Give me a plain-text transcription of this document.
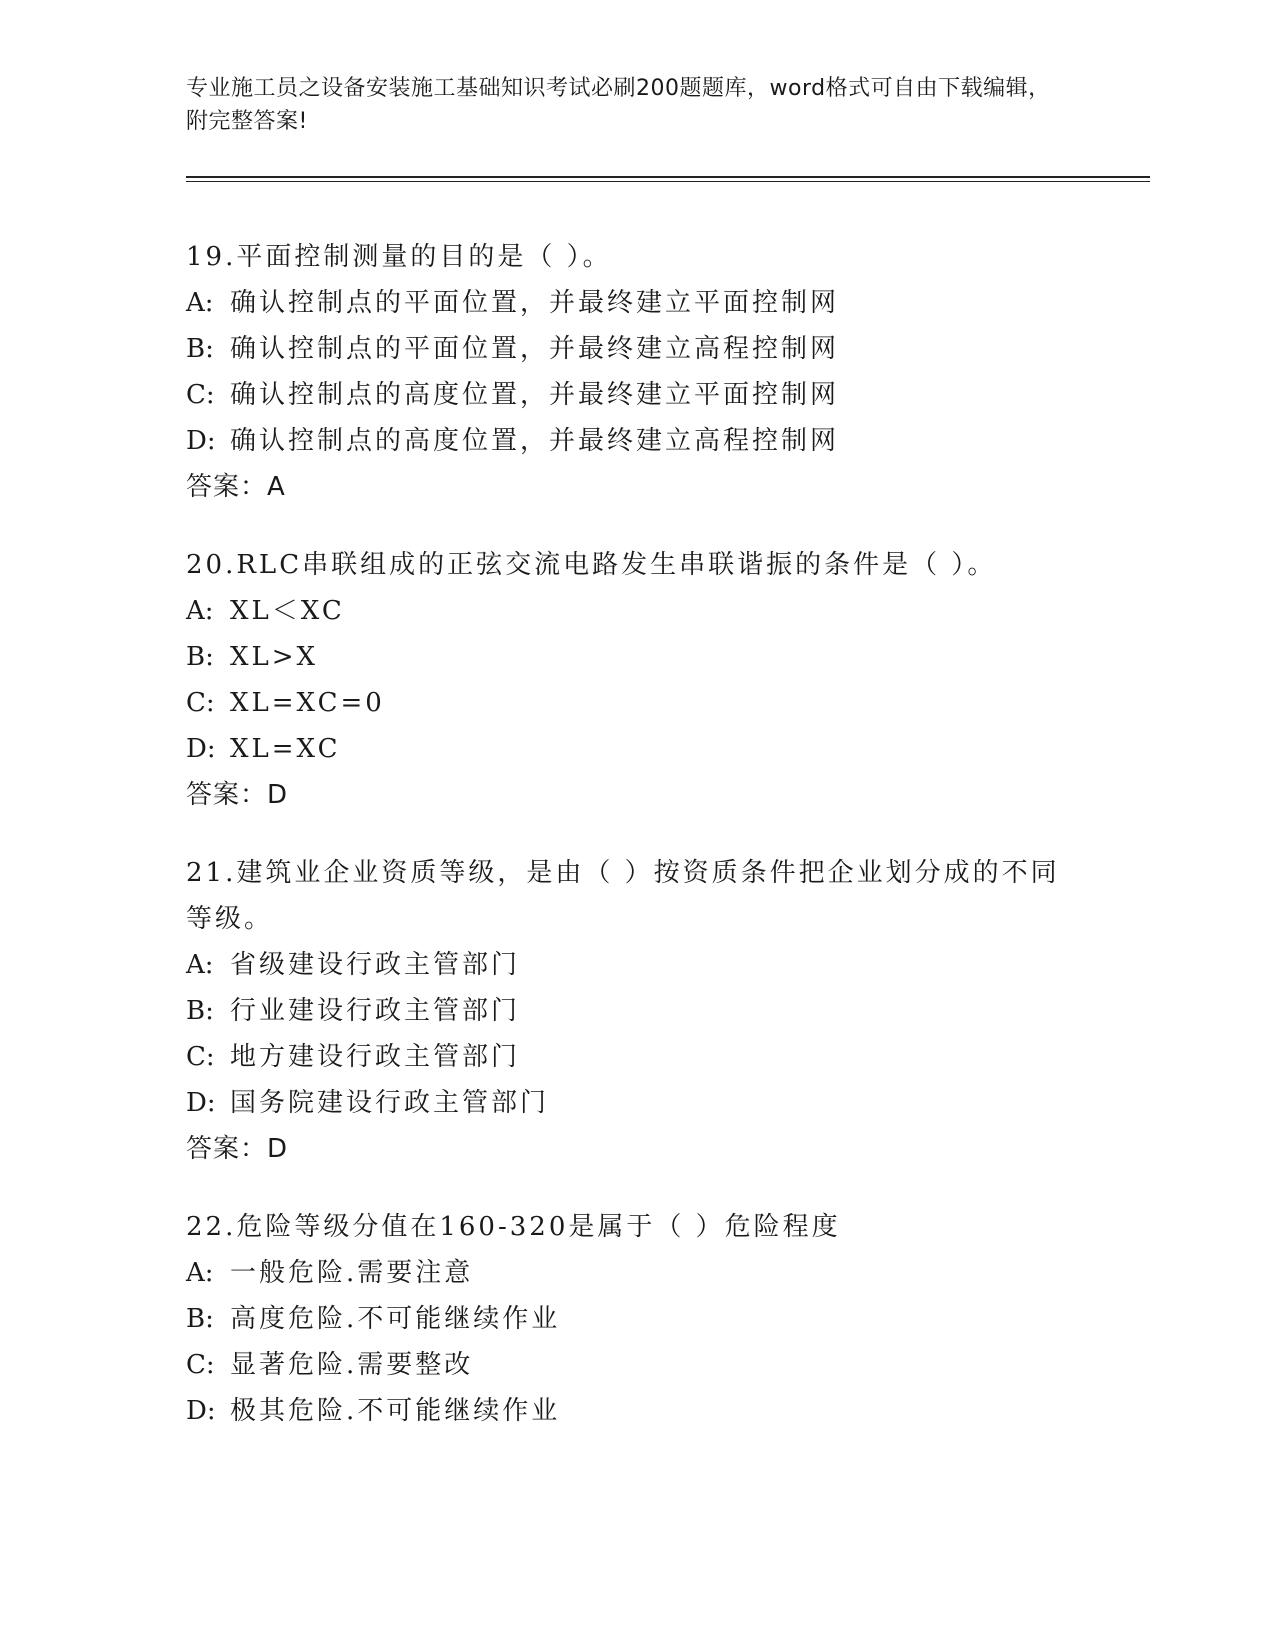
专业施工员之设备安装施工基础知识考试必刷200题题库，word格式可自由下载编辑，附完整答案!
19.平面控制测量的目的是（ ）。
A: 确认控制点的平面位置，并最终建立平面控制网
B: 确认控制点的平面位置，并最终建立高程控制网
C: 确认控制点的高度位置，并最终建立平面控制网
D: 确认控制点的高度位置，并最终建立高程控制网
答案：A
20.RLC串联组成的正弦交流电路发生串联谐振的条件是（ ）。
A: XL＜XC
B: XL>X
C: XL=XC=0
D: XL=XC
答案：D
21.建筑业企业资质等级，是由（ ）按资质条件把企业划分成的不同等级。
A: 省级建设行政主管部门
B: 行业建设行政主管部门
C: 地方建设行政主管部门
D: 国务院建设行政主管部门
答案：D
22.危险等级分值在160-320是属于（ ）危险程度
A: 一般危险.需要注意
B: 高度危险.不可能继续作业
C: 显著危险.需要整改
D: 极其危险.不可能继续作业
